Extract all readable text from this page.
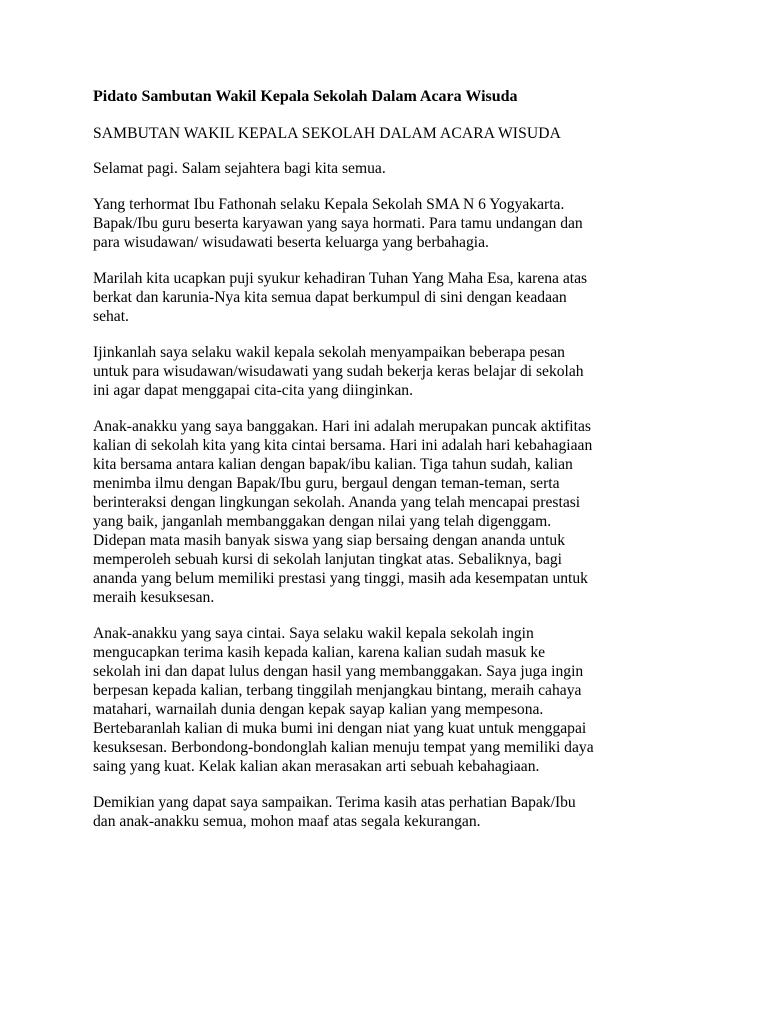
Pidato Sambutan Wakil Kepala Sekolah Dalam Acara Wisuda
SAMBUTAN WAKIL KEPALA SEKOLAH DALAM ACARA WISUDA
Selamat pagi. Salam sejahtera bagi kita semua.
Yang terhormat Ibu Fathonah selaku Kepala Sekolah SMA N 6 Yogyakarta.
Bapak/Ibu guru beserta karyawan yang saya hormati. Para tamu undangan dan
para wisudawan/ wisudawati beserta keluarga yang berbahagia.
Marilah kita ucapkan puji syukur kehadiran Tuhan Yang Maha Esa, karena atas
berkat dan karunia-Nya kita semua dapat berkumpul di sini dengan keadaan
sehat.
Ijinkanlah saya selaku wakil kepala sekolah menyampaikan beberapa pesan
untuk para wisudawan/wisudawati yang sudah bekerja keras belajar di sekolah
ini agar dapat menggapai cita-cita yang diinginkan.
Anak-anakku yang saya banggakan. Hari ini adalah merupakan puncak aktifitas
kalian di sekolah kita yang kita cintai bersama. Hari ini adalah hari kebahagiaan
kita bersama antara kalian dengan bapak/ibu kalian. Tiga tahun sudah, kalian
menimba ilmu dengan Bapak/Ibu guru, bergaul dengan teman-teman, serta
berinteraksi dengan lingkungan sekolah. Ananda yang telah mencapai prestasi
yang baik, janganlah membanggakan dengan nilai yang telah digenggam.
Didepan mata masih banyak siswa yang siap bersaing dengan ananda untuk
memperoleh sebuah kursi di sekolah lanjutan tingkat atas. Sebaliknya, bagi
ananda yang belum memiliki prestasi yang tinggi, masih ada kesempatan untuk
meraih kesuksesan.
Anak-anakku yang saya cintai. Saya selaku wakil kepala sekolah ingin
mengucapkan terima kasih kepada kalian, karena kalian sudah masuk ke
sekolah ini dan dapat lulus dengan hasil yang membanggakan. Saya juga ingin
berpesan kepada kalian, terbang tinggilah menjangkau bintang, meraih cahaya
matahari, warnailah dunia dengan kepak sayap kalian yang mempesona.
Bertebaranlah kalian di muka bumi ini dengan niat yang kuat untuk menggapai
kesuksesan. Berbondong-bondonglah kalian menuju tempat yang memiliki daya
saing yang kuat. Kelak kalian akan merasakan arti sebuah kebahagiaan.
Demikian yang dapat saya sampaikan. Terima kasih atas perhatian Bapak/Ibu
dan anak-anakku semua, mohon maaf atas segala kekurangan.
